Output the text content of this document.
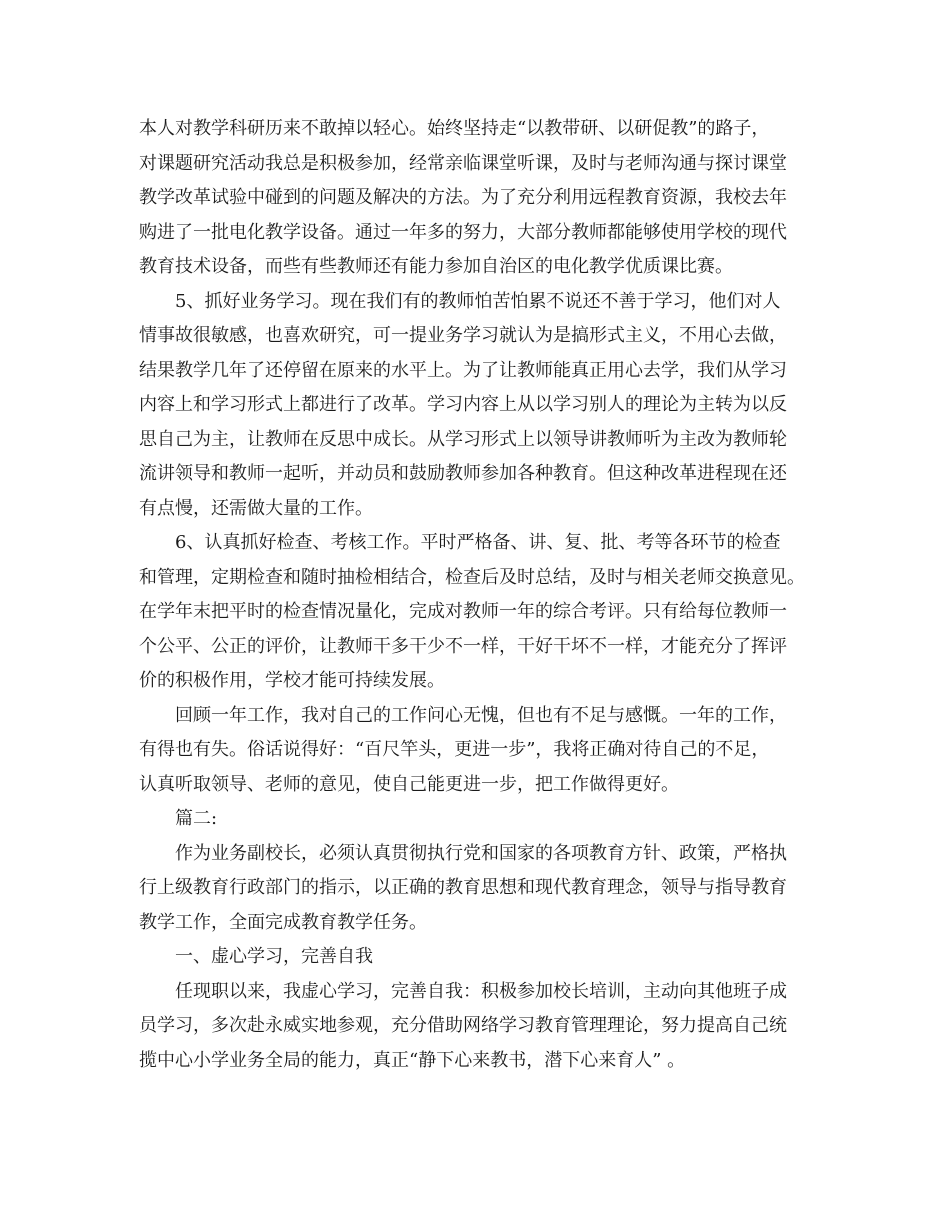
本人对教学科研历来不敢掉以轻心。始终坚持走“以教带研、以研促教”的路子，
对课题研究活动我总是积极参加，经常亲临课堂听课，及时与老师沟通与探讨课堂
教学改革试验中碰到的问题及解决的方法。为了充分利用远程教育资源，我校去年
购进了一批电化教学设备。通过一年多的努力，大部分教师都能够使用学校的现代
教育技术设备，而些有些教师还有能力参加自治区的电化教学优质课比赛。
5、抓好业务学习。现在我们有的教师怕苦怕累不说还不善于学习，他们对人
情事故很敏感，也喜欢研究，可一提业务学习就认为是搞形式主义，不用心去做，
结果教学几年了还停留在原来的水平上。为了让教师能真正用心去学，我们从学习
内容上和学习形式上都进行了改革。学习内容上从以学习别人的理论为主转为以反
思自己为主，让教师在反思中成长。从学习形式上以领导讲教师听为主改为教师轮
流讲领导和教师一起听，并动员和鼓励教师参加各种教育。但这种改革进程现在还
有点慢，还需做大量的工作。
6、认真抓好检查、考核工作。平时严格备、讲、复、批、考等各环节的检查
和管理，定期检查和随时抽检相结合，检查后及时总结，及时与相关老师交换意见。
在学年末把平时的检查情况量化，完成对教师一年的综合考评。只有给每位教师一
个公平、公正的评价，让教师干多干少不一样，干好干坏不一样，才能充分了挥评
价的积极作用，学校才能可持续发展。
回顾一年工作，我对自己的工作问心无愧，但也有不足与感慨。一年的工作，
有得也有失。俗话说得好：“百尺竿头，更进一步”，我将正确对待自己的不足，
认真听取领导、老师的意见，使自己能更进一步，把工作做得更好。
篇二:
作为业务副校长，必须认真贯彻执行党和国家的各项教育方针、政策，严格执
行上级教育行政部门的指示，以正确的教育思想和现代教育理念，领导与指导教育
教学工作，全面完成教育教学任务。
一、虚心学习，完善自我
任现职以来，我虚心学习，完善自我：积极参加校长培训，主动向其他班子成
员学习，多次赴永威实地参观，充分借助网络学习教育管理理论，努力提高自己统
揽中心小学业务全局的能力，真正“静下心来教书，潜下心来育人” 。
